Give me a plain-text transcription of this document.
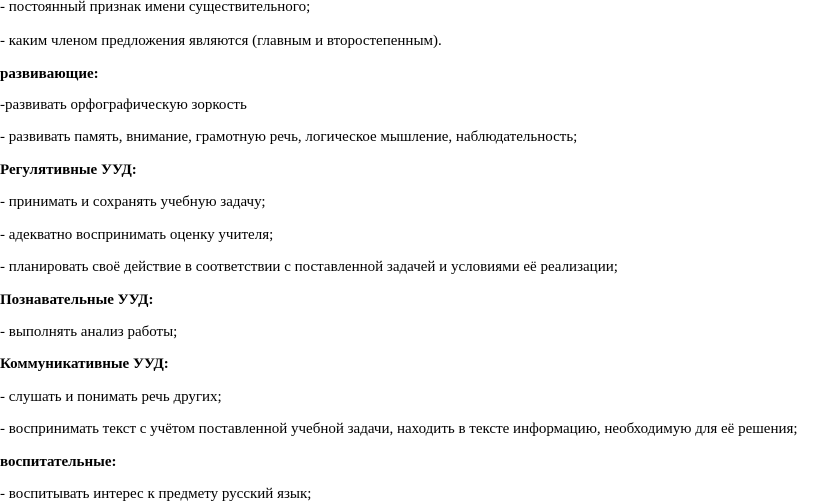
- постоянный признак имени существительного;
- каким членом предложения являются (главным и второстепенным).
развивающие:
-развивать орфографическую зоркость
- развивать память, внимание, грамотную речь, логическое мышление, наблюдательность;
Регулятивные УУД:
- принимать и сохранять учебную задачу;
- адекватно воспринимать оценку учителя;
- планировать своё действие в соответствии с поставленной задачей и условиями её реализации;
Познавательные УУД:
- выполнять анализ работы;
Коммуникативные УУД:
- слушать и понимать речь других;
- воспринимать текст с учётом поставленной учебной задачи, находить в тексте информацию, необходимую для её решения;
воспитательные:
- воспитывать интерес к предмету русский язык;
